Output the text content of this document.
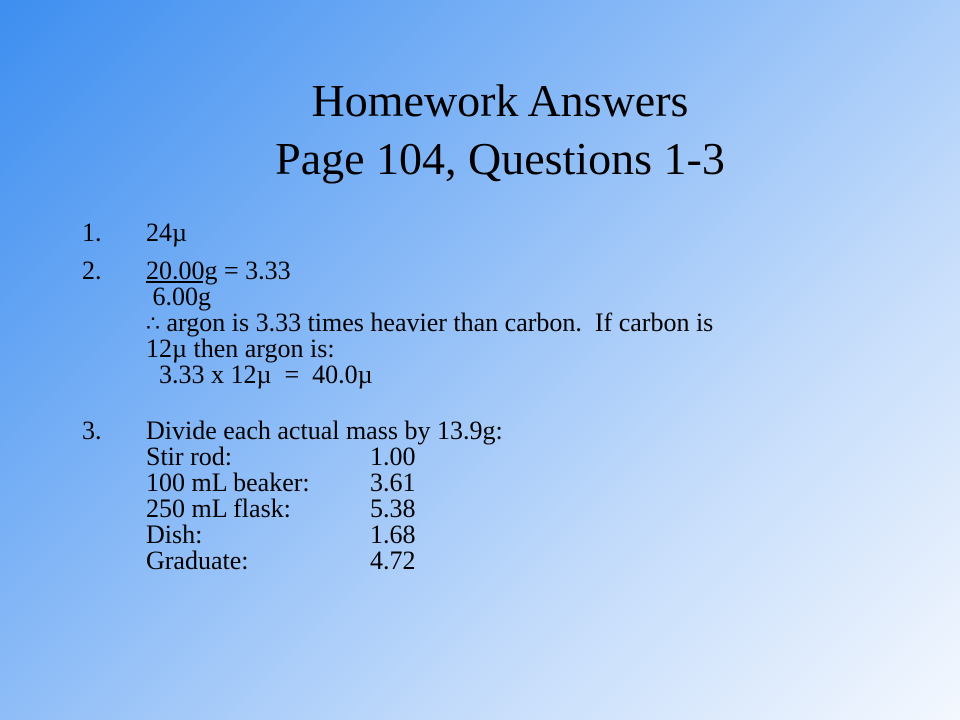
Homework Answers
Page 104, Questions 1-3
1.	24µ
2.	20.00g = 3.33
6.00g
∴ argon is 3.33 times heavier than carbon.  If carbon is
12µ then argon is:
3.33 x 12µ  =  40.0µ
3.	Divide each actual mass by 13.9g:
Stir rod:	1.00
100 mL beaker: 3.61
250 mL flask:	5.38
Dish:	1.68
Graduate:	4.72
